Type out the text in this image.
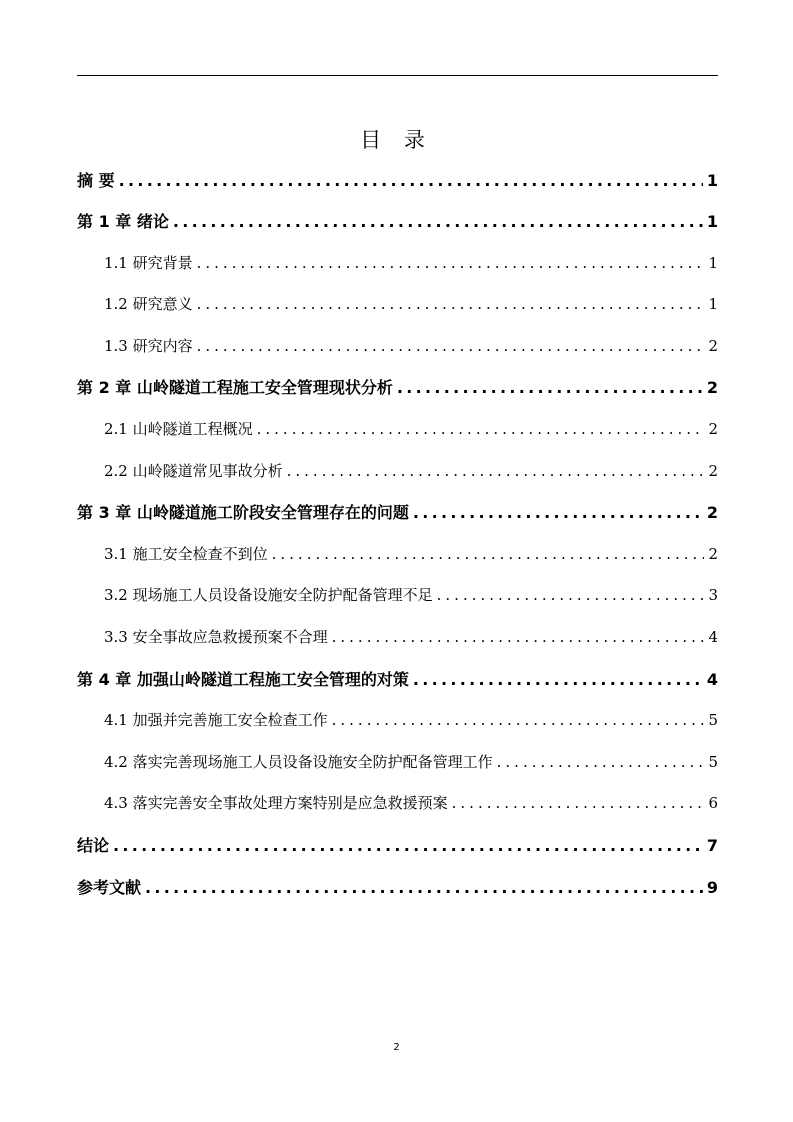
目 录
摘 要 .....	1
第 1 章 绪论 .....	1
1.1 研究背景 .....	1
1.2 研究意义 .....	1
1.3 研究内容 .....	2
第 2 章 山岭隧道工程施工安全管理现状分析 .....	2
2.1 山岭隧道工程概况 .....	2
2.2 山岭隧道常见事故分析 .....	2
第 3 章 山岭隧道施工阶段安全管理存在的问题 .....	2
3.1 施工安全检查不到位 .....	2
3.2 现场施工人员设备设施安全防护配备管理不足 .....	3
3.3 安全事故应急救援预案不合理 .....	4
第 4 章 加强山岭隧道工程施工安全管理的对策 .....	4
4.1 加强并完善施工安全检查工作 .....	5
4.2 落实完善现场施工人员设备设施安全防护配备管理工作 .....	5
4.3 落实完善安全事故处理方案特别是应急救援预案 .....	6
结论 .....	7
参考文献 .....	9
2
